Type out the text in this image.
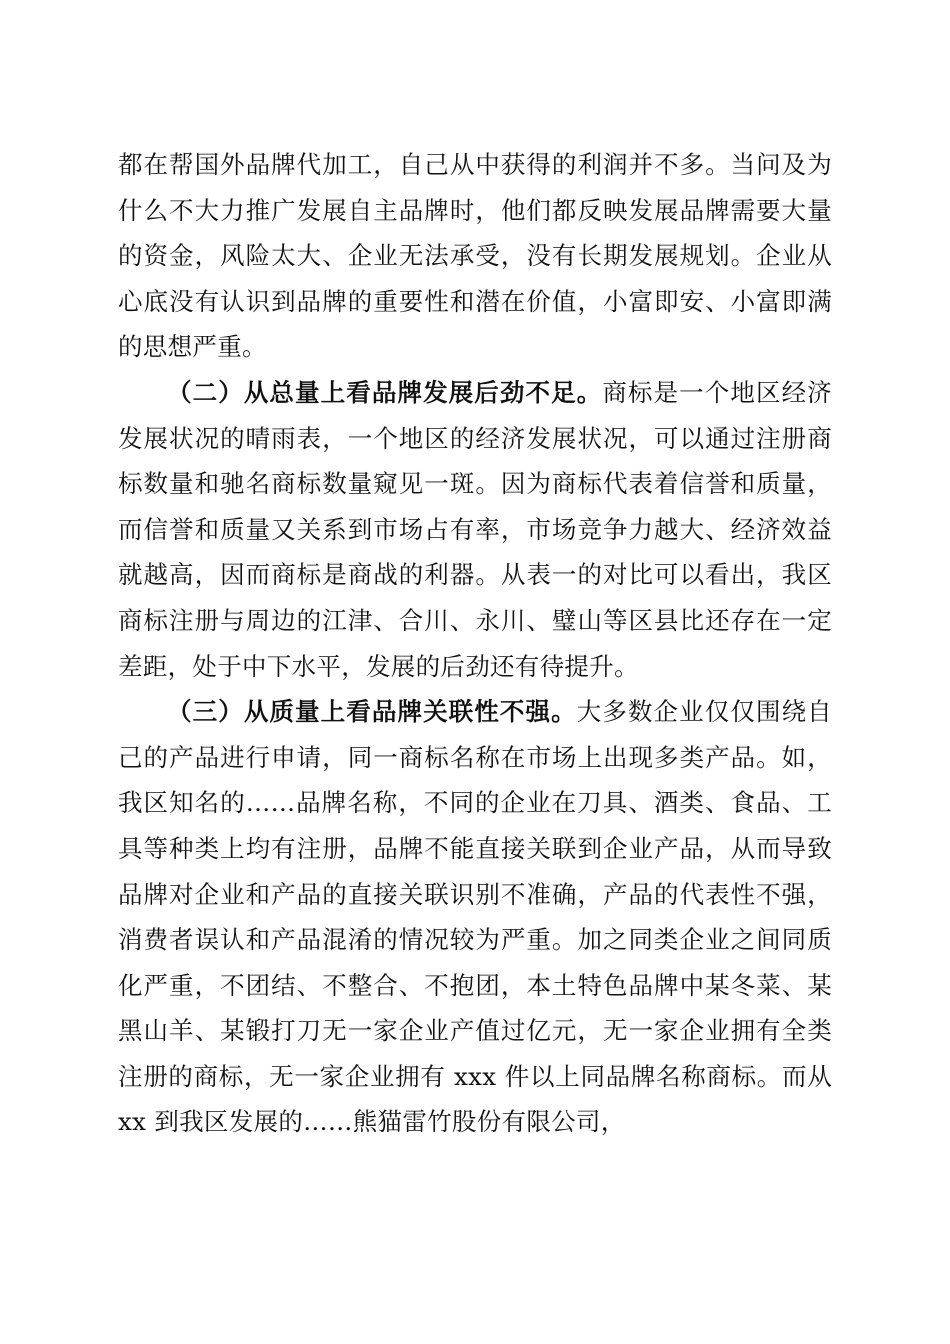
都在帮国外品牌代加工，自己从中获得的利润并不多。当问及为什么不大力推广发展自主品牌时，他们都反映发展品牌需要大量的资金，风险太大、企业无法承受，没有长期发展规划。企业从心底没有认识到品牌的重要性和潜在价值，小富即安、小富即满的思想严重。

（二）从总量上看品牌发展后劲不足。商标是一个地区经济发展状况的晴雨表，一个地区的经济发展状况，可以通过注册商标数量和驰名商标数量窥见一斑。因为商标代表着信誉和质量，而信誉和质量又关系到市场占有率，市场竞争力越大、经济效益就越高，因而商标是商战的利器。从表一的对比可以看出，我区商标注册与周边的江津、合川、永川、璧山等区县比还存在一定差距，处于中下水平，发展的后劲还有待提升。

（三）从质量上看品牌关联性不强。大多数企业仅仅围绕自己的产品进行申请，同一商标名称在市场上出现多类产品。如，我区知名的……品牌名称，不同的企业在刀具、酒类、食品、工具等种类上均有注册，品牌不能直接关联到企业产品，从而导致品牌对企业和产品的直接关联识别不准确，产品的代表性不强，消费者误认和产品混淆的情况较为严重。加之同类企业之间同质化严重，不团结、不整合、不抱团，本土特色品牌中某冬菜、某黑山羊、某锻打刀无一家企业产值过亿元，无一家企业拥有全类注册的商标，无一家企业拥有 xxx 件以上同品牌名称商标。而从 xx 到我区发展的……熊猫雷竹股份有限公司，
